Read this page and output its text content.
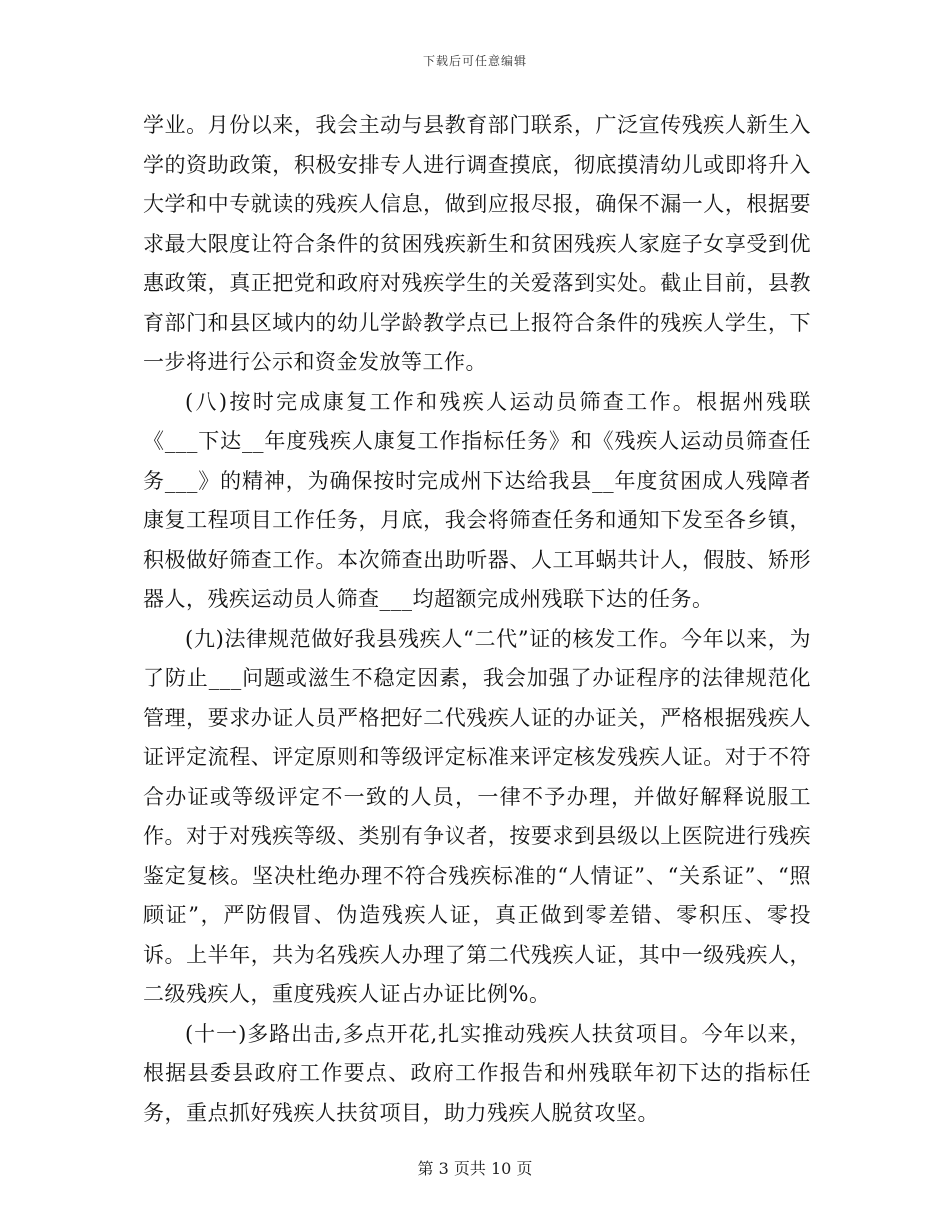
下载后可任意编辑

学业。月份以来，我会主动与县教育部门联系，广泛宣传残疾人新生入学的资助政策，积极安排专人进行调查摸底，彻底摸清幼儿或即将升入大学和中专就读的残疾人信息，做到应报尽报，确保不漏一人，根据要求最大限度让符合条件的贫困残疾新生和贫困残疾人家庭子女享受到优惠政策，真正把党和政府对残疾学生的关爱落到实处。截止目前，县教育部门和县区域内的幼儿学龄教学点已上报符合条件的残疾人学生，下一步将进行公示和资金发放等工作。

(八)按时完成康复工作和残疾人运动员筛查工作。根据州残联《___下达__年度残疾人康复工作指标任务》和《残疾人运动员筛查任务___》的精神，为确保按时完成州下达给我县__年度贫困成人残障者康复工程项目工作任务，月底，我会将筛查任务和通知下发至各乡镇，积极做好筛查工作。本次筛查出助听器、人工耳蜗共计人，假肢、矫形器人，残疾运动员人筛查___均超额完成州残联下达的任务。

(九)法律规范做好我县残疾人“二代”证的核发工作。今年以来，为了防止___问题或滋生不稳定因素，我会加强了办证程序的法律规范化管理，要求办证人员严格把好二代残疾人证的办证关，严格根据残疾人证评定流程、评定原则和等级评定标准来评定核发残疾人证。对于不符合办证或等级评定不一致的人员，一律不予办理，并做好解释说服工作。对于对残疾等级、类别有争议者，按要求到县级以上医院进行残疾鉴定复核。坚决杜绝办理不符合残疾标准的“人情证”、“关系证”、“照顾证”，严防假冒、伪造残疾人证，真正做到零差错、零积压、零投诉。上半年，共为名残疾人办理了第二代残疾人证，其中一级残疾人，二级残疾人，重度残疾人证占办证比例%。

(十一)多路出击,多点开花,扎实推动残疾人扶贫项目。今年以来，根据县委县政府工作要点、政府工作报告和州残联年初下达的指标任务，重点抓好残疾人扶贫项目，助力残疾人脱贫攻坚。

第 3 页共 10 页
